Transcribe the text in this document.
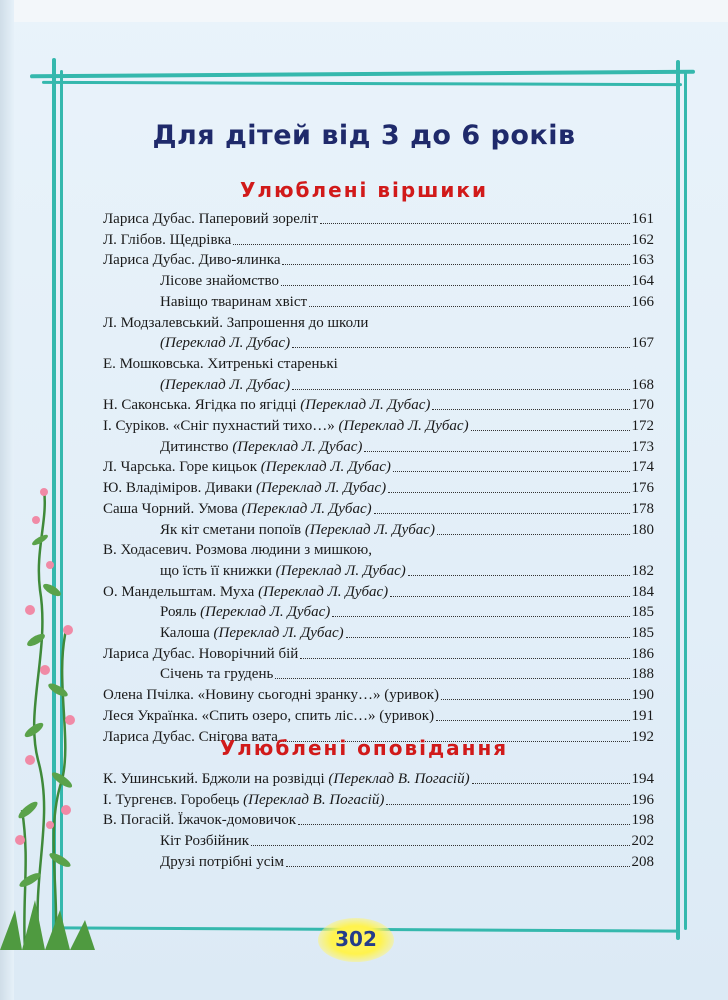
Для дітей від 3 до 6 років
Улюблені віршики
Лариса Дубас. Паперовий зореліт	161
Л. Глібов. Щедрівка	162
Лариса Дубас. Диво-ялинка	163
Лісове знайомство	164
Навіщо тваринам хвіст	166
Л. Модзалевський. Запрошення до школи
(Переклад Л. Дубас)	167
Е. Мошковська. Хитренькі старенькі
(Переклад Л. Дубас)	168
Н. Саконська. Ягідка по ягідці (Переклад Л. Дубас)	170
І. Суріков. «Сніг пухнастий тихо…» (Переклад Л. Дубас)	172
Дитинство (Переклад Л. Дубас)	173
Л. Чарська. Горе кицьок (Переклад Л. Дубас)	174
Ю. Владіміров. Диваки (Переклад Л. Дубас)	176
Саша Чорний. Умова (Переклад Л. Дубас)	178
Як кіт сметани попоїв (Переклад Л. Дубас)	180
В. Ходасевич. Розмова людини з мишкою,
що їсть її книжки (Переклад Л. Дубас)	182
О. Мандельштам. Муха (Переклад Л. Дубас)	184
Рояль (Переклад Л. Дубас)	185
Калоша (Переклад Л. Дубас)	185
Лариса Дубас. Новорічний бій	186
Січень та грудень	188
Олена Пчілка. «Новину сьогодні зранку…» (уривок)	190
Леся Українка. «Спить озеро, спить ліс…» (уривок)	191
Лариса Дубас. Снігова вата	192
Улюблені оповідання
К. Ушинський. Бджоли на розвідці (Переклад В. Погасій)	194
І. Тургенєв. Горобець (Переклад В. Погасій)	196
В. Погасій. Їжачок-домовичок	198
Кіт Розбійник	202
Друзі потрібні усім	208
302
